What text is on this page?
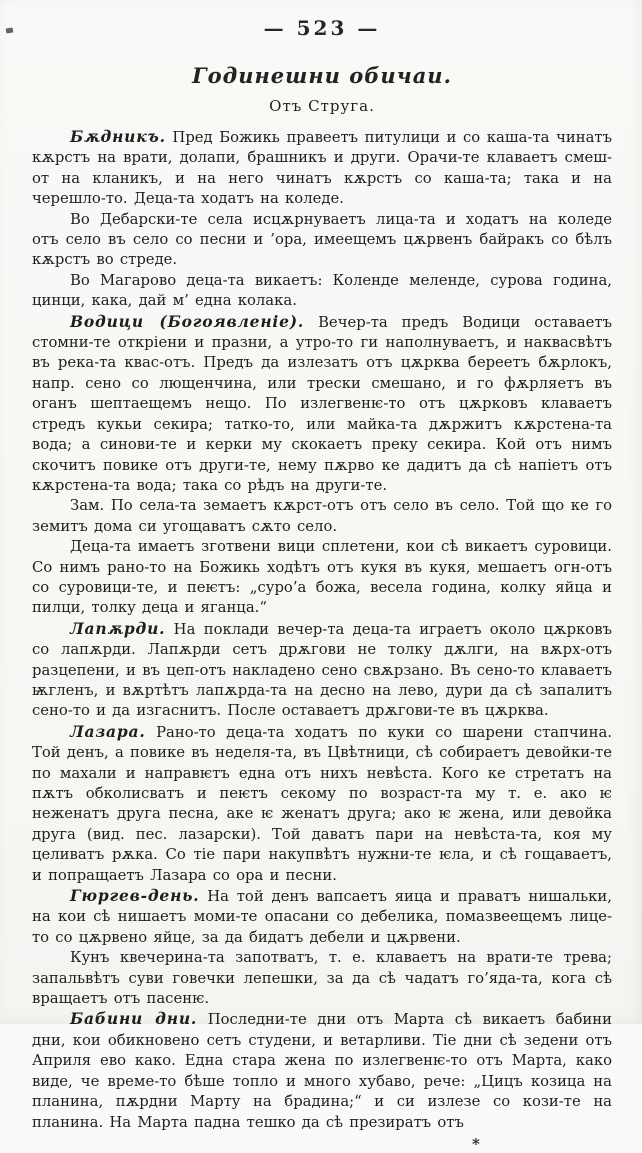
— 523 —
Годинешни обичаи.
Отъ Струга.

Бѫдникъ. Пред Божикь правеетъ питулици и со каша-та чинатъ кѫрстъ на врати, долапи, брашникъ и други. Орачи-те клаваетъ смеш-от на кланикъ, и на него чинатъ кѫрстъ со каша-та; така и на черешло-то. Деца-та ходатъ на коледе.

Во Дебарски-те села исцѫрнуваетъ лица-та и ходатъ на коледе отъ село въ село со песни и ’ора, имеещемъ цѫрвенъ байракъ со бѣлъ кѫрстъ во стреде.

Во Магарово деца-та викаетъ: Коленде меленде, сурова година, цинци, кака, дай м’ една колака.

Водици (Богоявленіе). Вечер-та предъ Водици оставаетъ стомни-те откріени и празни, а утро-то ги наполнуваетъ, и наквасвѣтъ въ река-та квас-отъ. Предъ да излезатъ отъ цѫрква береетъ бѫрлокъ, напр. сено со лющенчина, или трески смешано, и го фѫрляетъ въ оганъ шептаещемъ нещо. По излегвенѥ-то отъ цѫрковъ клаваетъ стредъ кукьи секира; татко-то, или майка-та дѫржитъ кѫрстена-та вода; а синови-те и керки му скокаетъ преку секира. Кой отъ нимъ скочитъ повике отъ други-те, нему пѫрво ке дадитъ да сѣ напіетъ отъ кѫрстена-та вода; така со рѣдъ на други-те.

Зам. По села-та земаетъ кѫрст-отъ отъ село въ село. Той що ке го земитъ дома си угощаватъ сѫто село.

Деца-та имаетъ зготвени вици сплетени, кои сѣ викаетъ суровици. Со нимъ рано-то на Божикь ходѣтъ отъ кукя въ кукя, мешаетъ огн-отъ со суровици-те, и пеѥтъ: „суро’а божа, весела година, колку яйца и пилци, толку деца и яганца.“

Лапѫрди. На поклади вечер-та деца-та играетъ около цѫрковъ со лапѫрди. Лапѫрди сетъ дрѫгови не толку дѫлги, на вѫрх-отъ разцепени, и въ цеп-отъ накладено сено свѫрзано. Въ сено-то клаваетъ ѭгленъ, и вѫртѣтъ лапѫрда-та на десно на лево, дури да сѣ запалитъ сено-то и да изгаснитъ. После оставаетъ дрѫгови-те въ цѫрква.

Лазара. Рано-то деца-та ходатъ по куки со шарени стапчина. Той денъ, а повике въ неделя-та, въ Цвѣтници, сѣ собираетъ девойки-те по махали и направѥтъ една отъ нихъ невѣста. Кого ке стретатъ на пѫтъ обколисватъ и пеѥтъ секому по возраст-та му т. е. ако ѥ неженатъ друга песна, аке ѥ женатъ друга; ако ѥ жена, или девойка друга (вид. пес. лазарски). Той даватъ пари на невѣста-та, коя му целиватъ рѫка. Со тіе пари накупвѣтъ нужни-те ѥла, и сѣ гощаваетъ, и попращаетъ Лазара со ора и песни.

Гюргев-день. На той денъ вапсаетъ яица и праватъ нишальки, на кои сѣ нишаетъ моми-те опасани со дебелика, помазвеещемъ лице-то со цѫрвено яйце, за да бидатъ дебели и цѫрвени.

Кунъ квечерина-та запотватъ, т. е. клаваетъ на врати-те трева; запальвѣтъ суви говечки лепешки, за да сѣ чадатъ го’яда-та, кога сѣ вращаетъ отъ пасенѥ.

Бабини дни. Последни-те дни отъ Марта сѣ викаетъ бабини дни, кои обикновено сетъ студени, и ветарливи. Тіе дни сѣ зедени отъ Априля ево како. Една стара жена по излегвенѥ-то отъ Марта, како виде, че време-то бѣше топло и много хубаво, рече: „Цицъ козица на планина, пѫрдни Марту на брадина;“ и си излезе со кози-те на планина. На Марта падна тешко да сѣ презиратъ отъ

*
